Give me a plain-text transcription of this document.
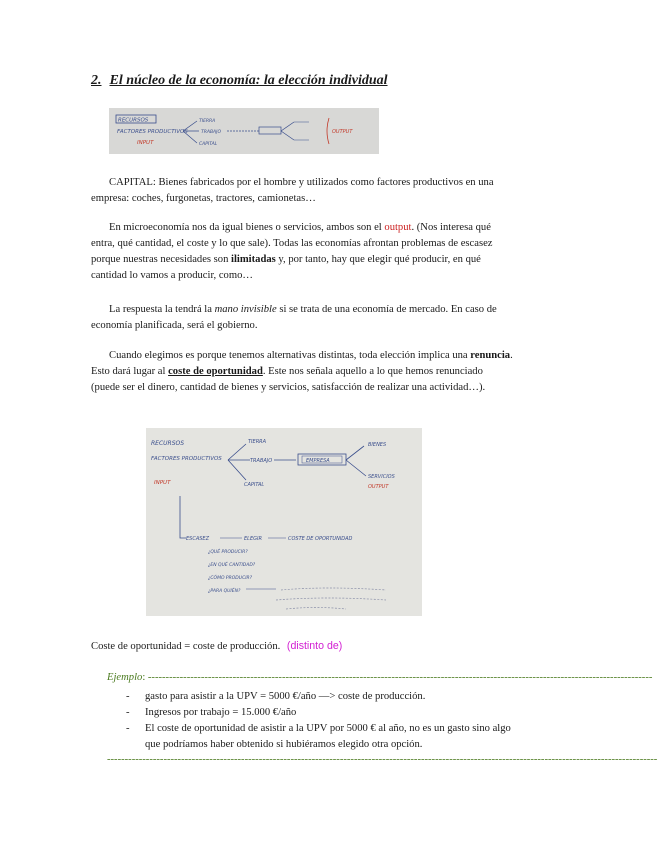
2. El núcleo de la economía: la elección individual
RECURSOS
FACTORES PRODUCTIVOS
INPUT
TIERRA
TRABAJO
CAPITAL
OUTPUT

CAPITAL: Bienes fabricados por el hombre y utilizados como factores productivos en una empresa: coches, furgonetas, tractores, camionetas…

En microeconomía nos da igual bienes o servicios, ambos son el output. (Nos interesa qué entra, qué cantidad, el coste y lo que sale). Todas las economías afrontan problemas de escasez porque nuestras necesidades son ilimitadas y, por tanto, hay que elegir qué producir, en qué cantidad lo vamos a producir, como…

La respuesta la tendrá la mano invisible si se trata de una economía de mercado. En caso de economía planificada, será el gobierno.

Cuando elegimos es porque tenemos alternativas distintas, toda elección implica una renuncia. Esto dará lugar al coste de oportunidad. Este nos señala aquello a lo que hemos renunciado (puede ser el dinero, cantidad de bienes y servicios, satisfacción de realizar una actividad…).

RECURSOS
FACTORES PRODUCTIVOS
INPUT
TIERRA
TRABAJO
CAPITAL
EMPRESA
BIENES
SERVICIOS
OUTPUT
ESCASEZ	ELEGIR	COSTE DE OPORTUNIDAD
¿QUÉ PRODUCIR?
¿EN QUÉ CANTIDAD?
¿CÓMO PRODUCIR?
¿PARA QUIÉN?
Coste de oportunidad = coste de producción. (distinto de)
Ejemplo: -----------------------------------------------------------------------------------------------------------------------------------------------
- gasto para asistir a la UPV = 5000 €/año —> coste de producción.
- Ingresos por trabajo = 15.000 €/año
- El coste de oportunidad de asistir a la UPV por 5000 € al año, no es un gasto sino algo que podríamos haber obtenido si hubiéramos elegido otra opción.
------------------------------------------------------------------------------------------------------------------------------------------------------------
